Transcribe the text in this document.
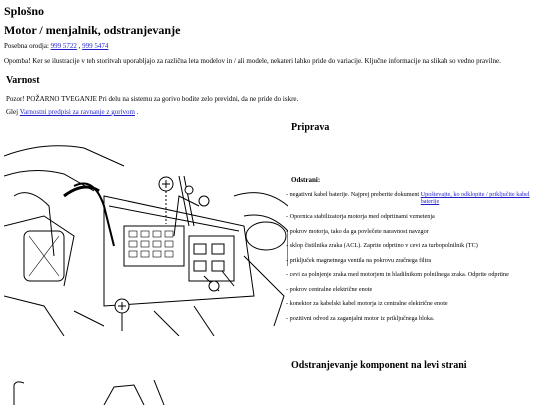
Splošno
Motor / menjalnik, odstranjevanje
Posebna orodja: 999 5722 , 999 5474
Opomba! Ker se ilustracije v teh storitvah uporabljajo za različna leta modelov in / ali modele, nekateri lahko pride do variacije. Ključne informacije na slikah so vedno pravilne.
Varnost
Pozor! POŽARNO TVEGANJE Pri delu na sistemu za gorivo bodite zelo previdni, da ne pride do iskre.
Glej Varnostni predpisi za ravnanje z gorivom .
Priprava
Odstrani:
- negativni kabel baterije. Najprej preberite dokument Upoštevajte, ko odklopite / priključite kabel baterije
- Opornica stabilizatorja motorja med odprtinami vzmetenja
- pokrov motorja, tako da ga povlečete naravnost navzgor
- sklop čistilnika zraka (ACL). Zaprite odprtino v cevi za turbopolnilnik (TC)
- priključek magnetnega ventila na pokrovu zračnega filtra
- cevi za polnjenje zraka med motorjem in hladilnikom polnilnega zraka. Odprite odprtine
- pokrov centralne električne enote
- konektor za kabelski kabel motorja iz centralne električne enote
- pozitivni odvod za zaganjalni motor iz priključnega bloka.
Odstranjevanje komponent na levi strani
